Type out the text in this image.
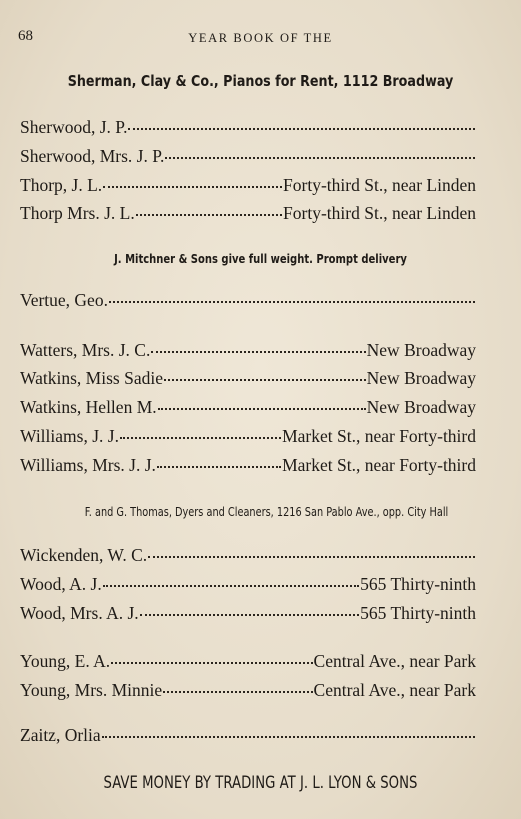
68	YEAR BOOK OF THE
Sherman, Clay & Co., Pianos for Rent, 1112 Broadway
Sherwood, J. P.
Sherwood, Mrs. J. P.
Thorp, J. L.	Forty-third St., near Linden
Thorp Mrs. J. L.	Forty-third St., near Linden
J. Mitchner & Sons give full weight. Prompt delivery
Vertue, Geo.
Watters, Mrs. J. C.	New Broadway
Watkins, Miss Sadie	New Broadway
Watkins, Hellen M.	New Broadway
Williams, J. J.	Market St., near Forty-third
Williams, Mrs. J. J.	Market St., near Forty-third
F. and G. Thomas, Dyers and Cleaners, 1216 San Pablo Ave., opp. City Hall
Wickenden, W. C.
Wood, A. J.	565 Thirty-ninth
Wood, Mrs. A. J.	565 Thirty-ninth
Young, E. A.	Central Ave., near Park
Young, Mrs. Minnie	Central Ave., near Park
Zaitz, Orlia
SAVE MONEY BY TRADING AT J. L. LYON & SONS
